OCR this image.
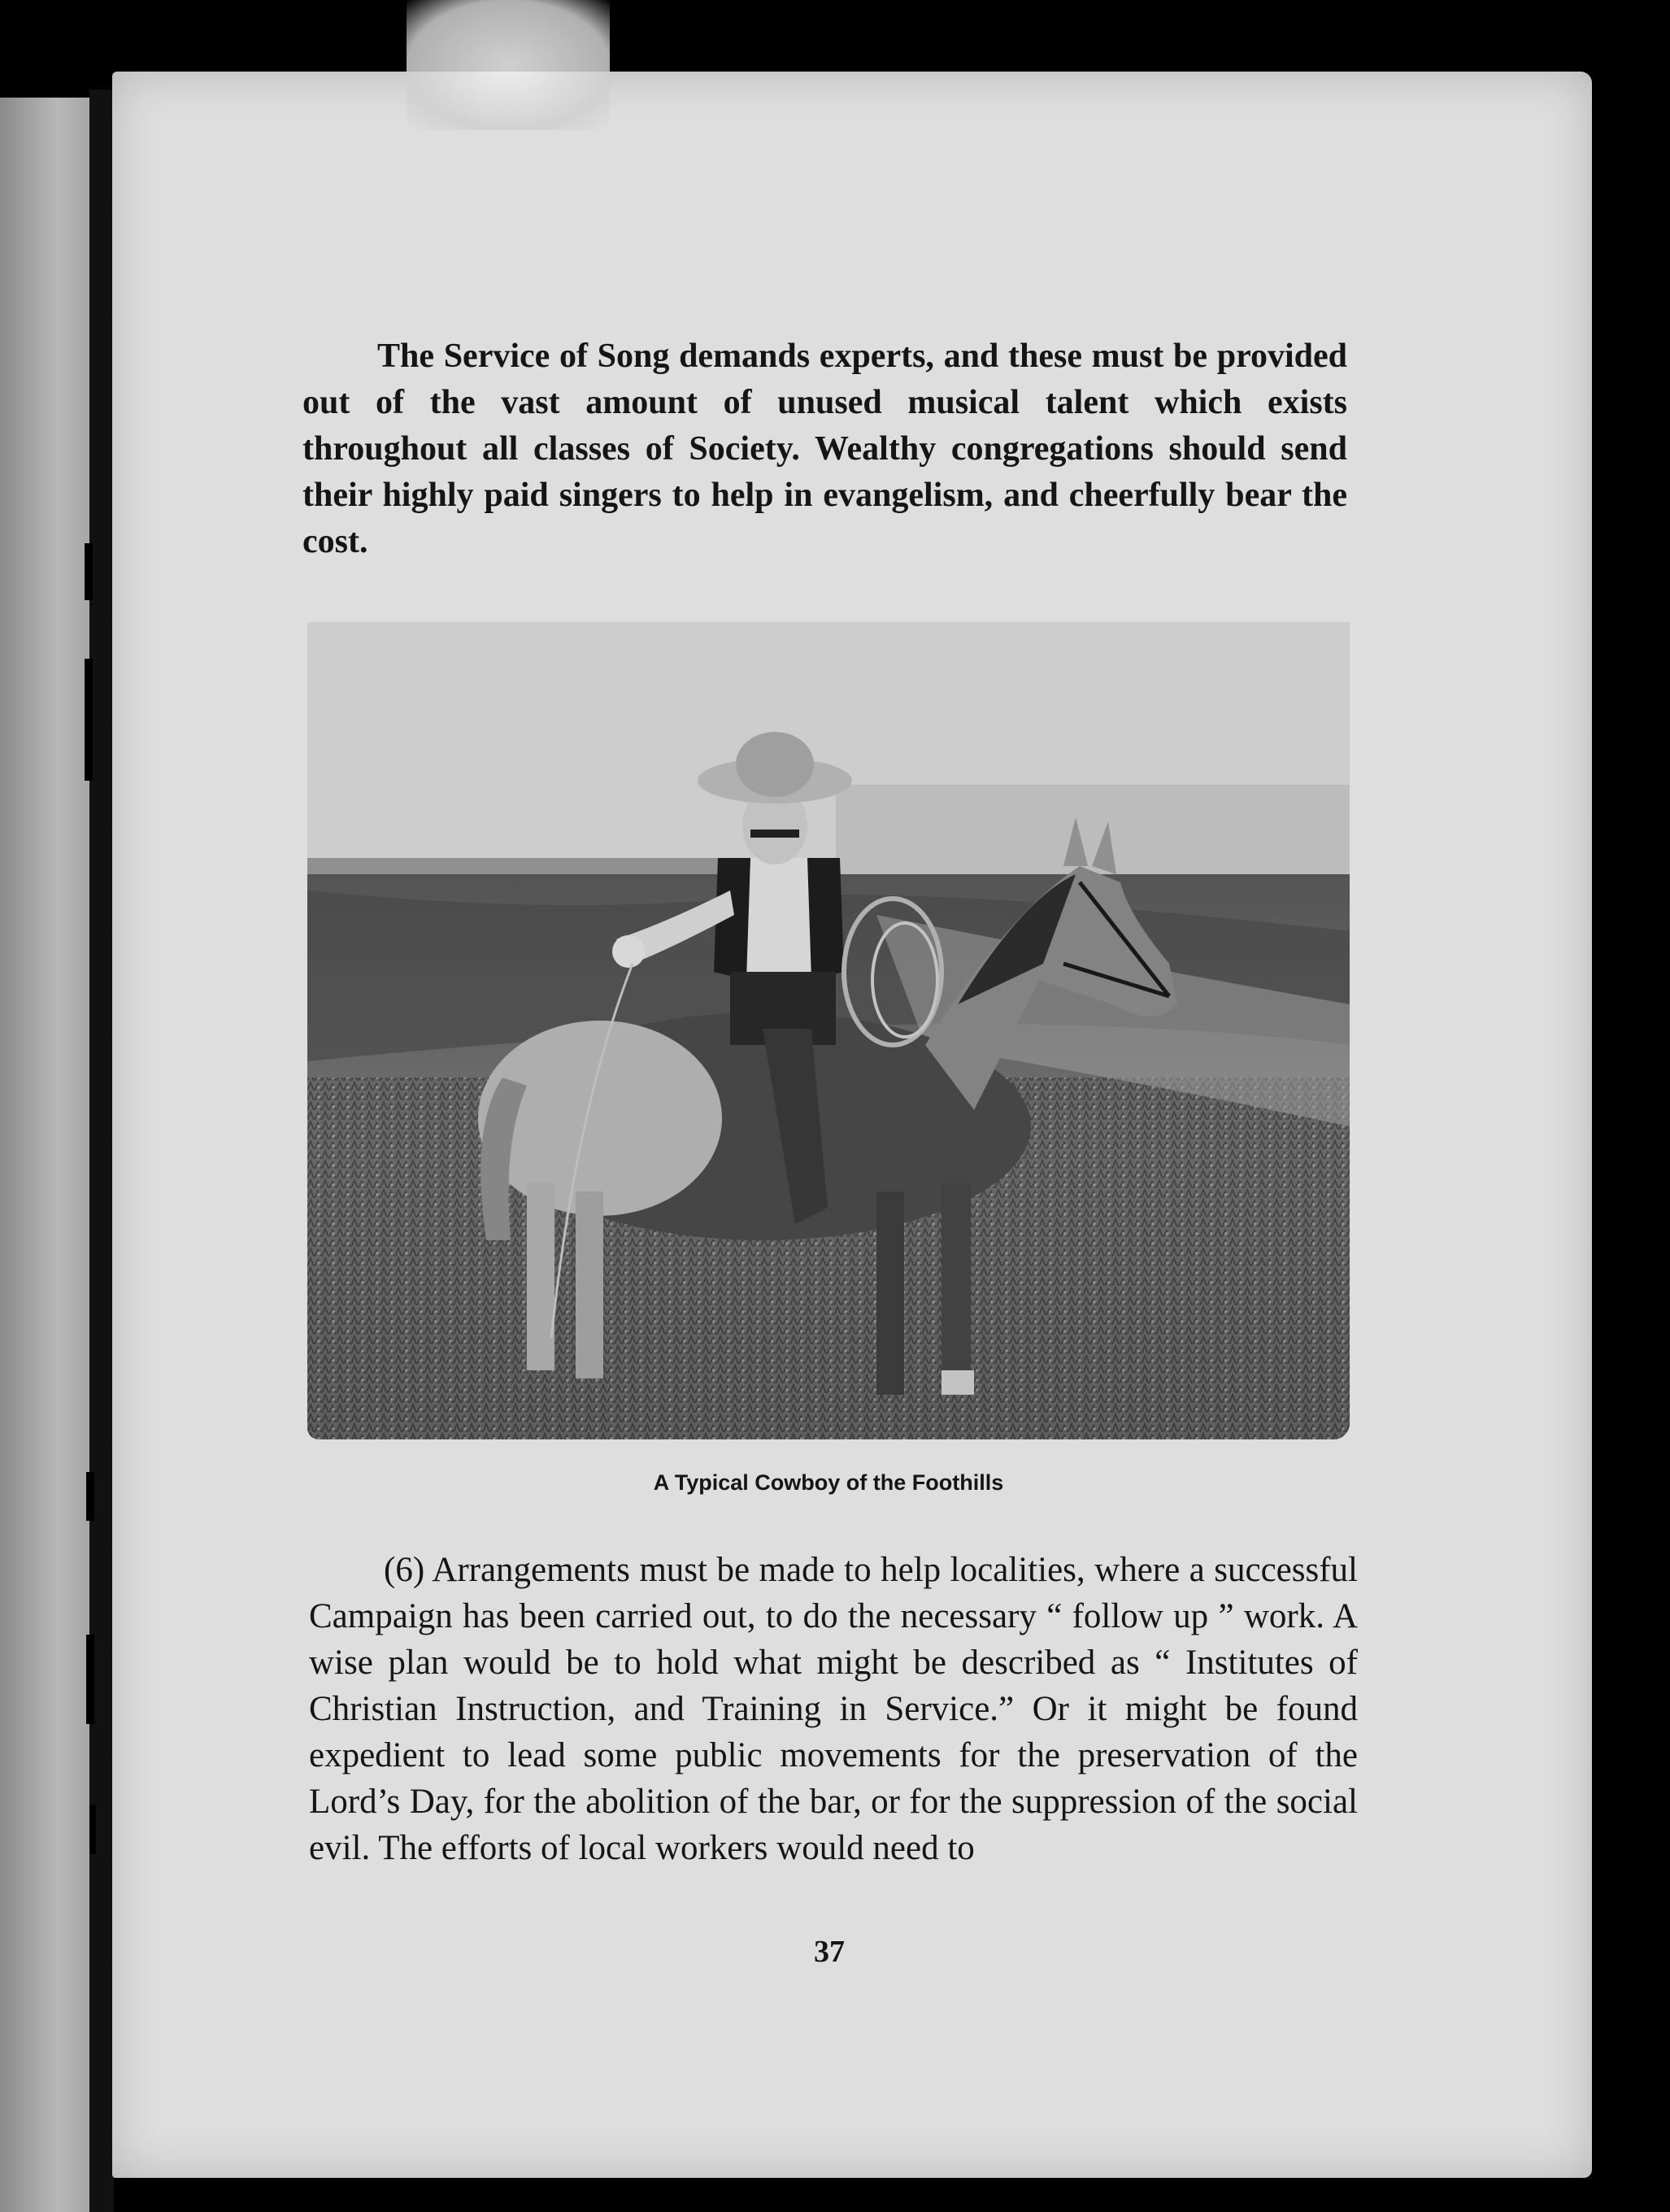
The Service of Song demands experts, and these must be provided out of the vast amount of unused musical talent which exists throughout all classes of Society. Wealthy congregations should send their highly paid singers to help in evangelism, and cheerfully bear the cost.

A Typical Cowboy of the Foothills

(6) Arrangements must be made to help localities, where a successful Campaign has been carried out, to do the necessary “ follow up ” work. A wise plan would be to hold what might be described as “ Institutes of Christian Instruction, and Training in Service.” Or it might be found expedient to lead some public movements for the preservation of the Lord’s Day, for the abolition of the bar, or for the suppression of the social evil. The efforts of local workers would need to

37
